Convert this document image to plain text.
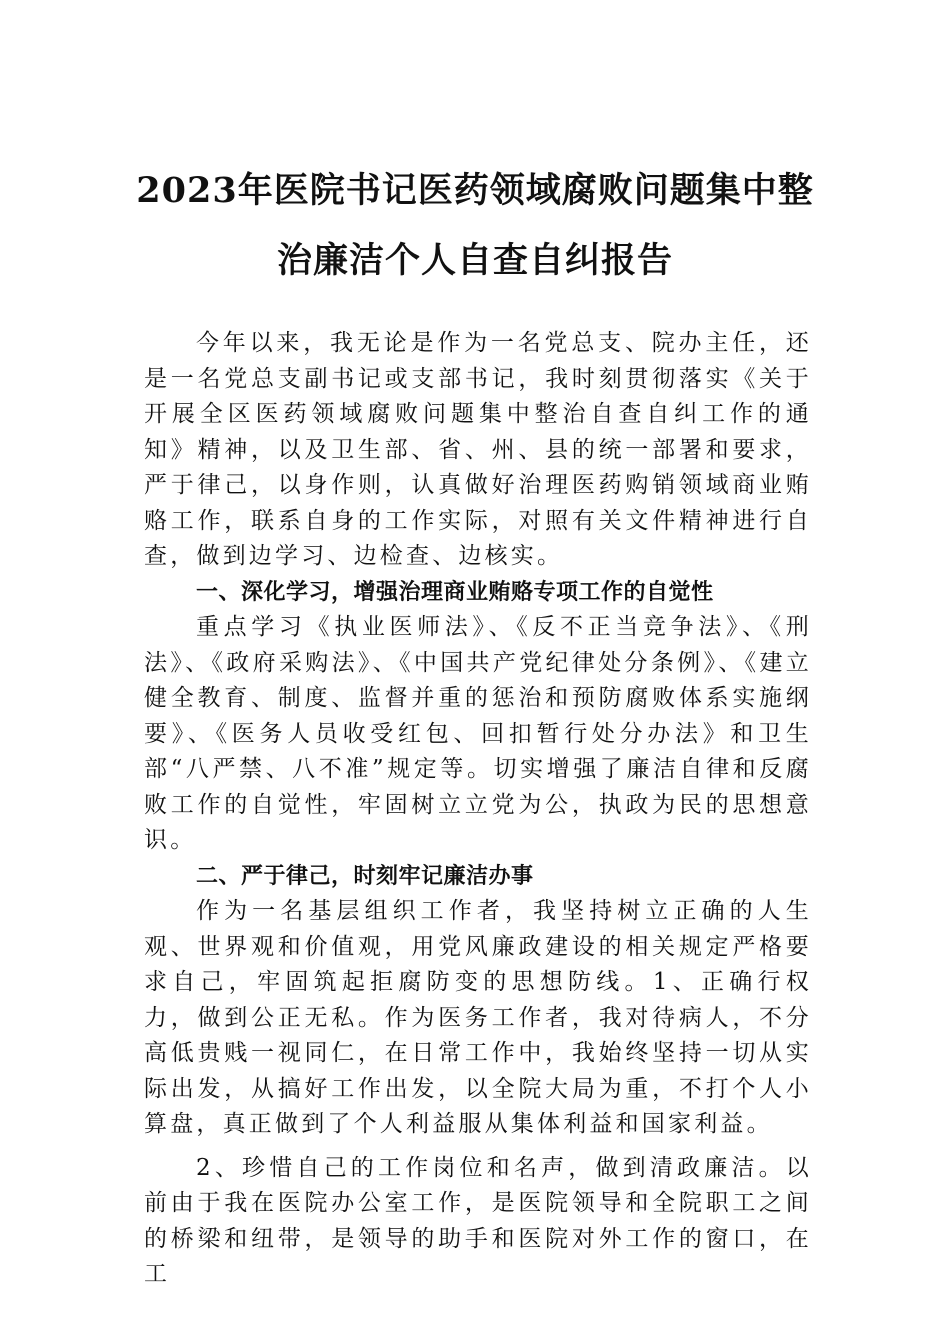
2023年医院书记医药领域腐败问题集中整
治廉洁个人自查自纠报告

今年以来，我无论是作为一名党总支、院办主任，还是一名党总支副书记或支部书记，我时刻贯彻落实《关于开展全区医药领域腐败问题集中整治自查自纠工作的通知》精神，以及卫生部、省、州、县的统一部署和要求，严于律己，以身作则，认真做好治理医药购销领域商业贿赂工作，联系自身的工作实际，对照有关文件精神进行自查，做到边学习、边检查、边核实。

一、深化学习，增强治理商业贿赂专项工作的自觉性

重点学习《执业医师法》、《反不正当竞争法》、《刑法》、《政府采购法》、《中国共产党纪律处分条例》、《建立健全教育、制度、监督并重的惩治和预防腐败体系实施纲要》、《医务人员收受红包、回扣暂行处分办法》和卫生部“八严禁、八不准”规定等。切实增强了廉洁自律和反腐败工作的自觉性，牢固树立立党为公，执政为民的思想意识。

二、严于律己，时刻牢记廉洁办事

作为一名基层组织工作者，我坚持树立正确的人生观、世界观和价值观，用党风廉政建设的相关规定严格要求自己，牢固筑起拒腐防变的思想防线。1、正确行权力，做到公正无私。作为医务工作者，我对待病人，不分高低贵贱一视同仁，在日常工作中，我始终坚持一切从实际出发，从搞好工作出发，以全院大局为重，不打个人小算盘，真正做到了个人利益服从集体利益和国家利益。

2、珍惜自己的工作岗位和名声，做到清政廉洁。以前由于我在医院办公室工作，是医院领导和全院职工之间的桥梁和纽带，是领导的助手和医院对外工作的窗口，在工
